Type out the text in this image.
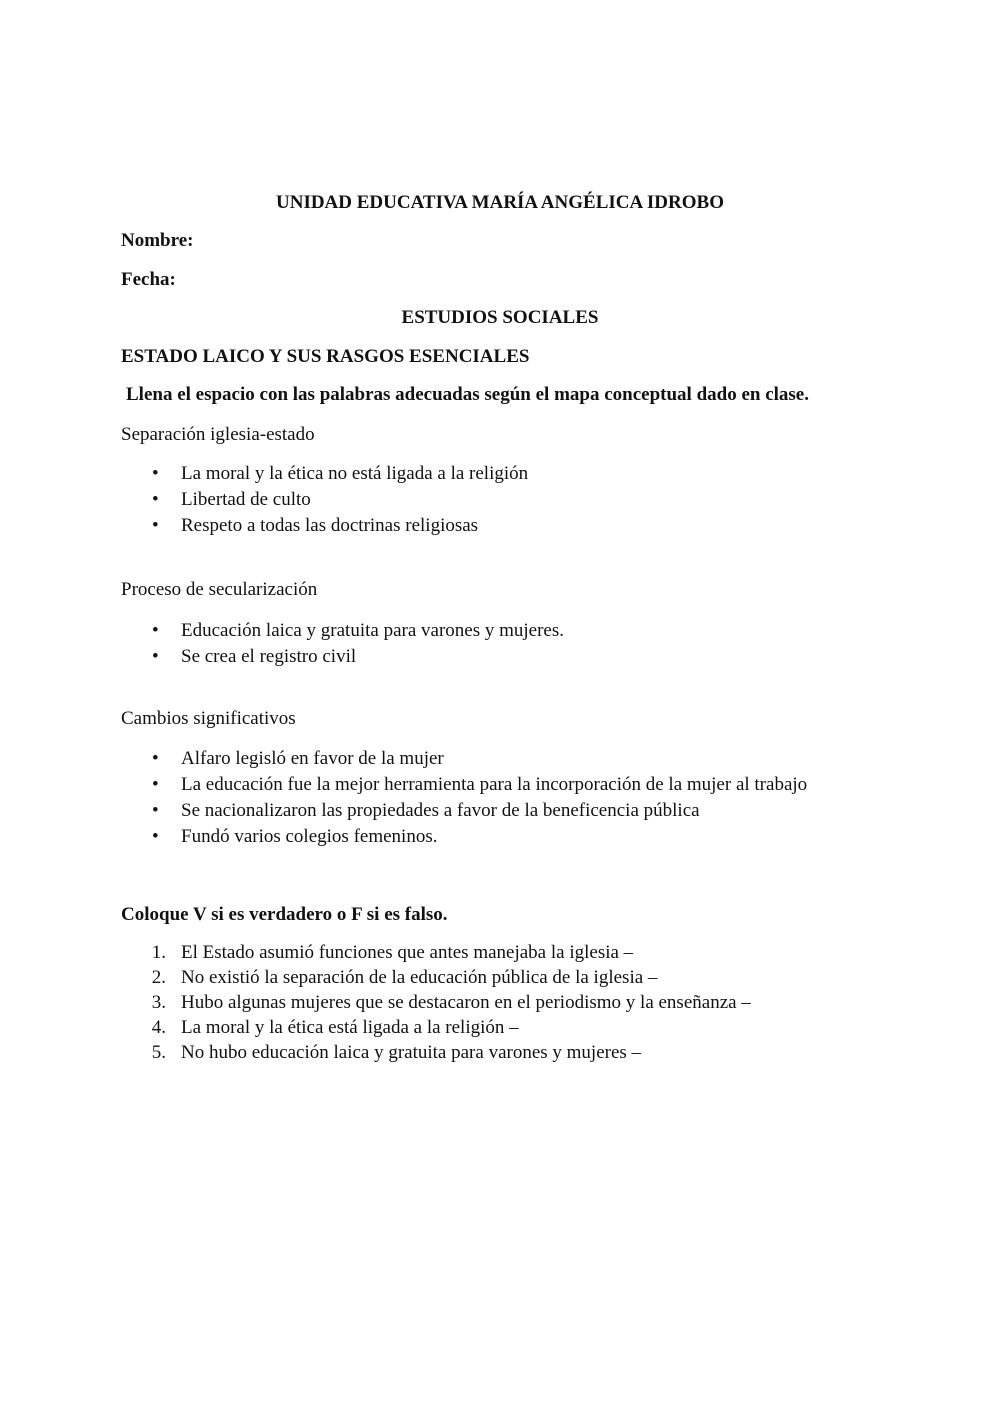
UNIDAD EDUCATIVA MARÍA ANGÉLICA IDROBO
Nombre:
Fecha:
ESTUDIOS SOCIALES
ESTADO LAICO Y SUS RASGOS ESENCIALES
Llena el espacio con las palabras adecuadas según el mapa conceptual dado en clase.
Separación iglesia-estado
• La moral y la ética no está ligada a la religión
• Libertad de culto
• Respeto a todas las doctrinas religiosas
Proceso de secularización
• Educación laica y gratuita para varones y mujeres.
• Se crea el registro civil
Cambios significativos
• Alfaro legisló en favor de la mujer
• La educación fue la mejor herramienta para la incorporación de la mujer al trabajo
• Se nacionalizaron las propiedades a favor de la beneficencia pública
• Fundó varios colegios femeninos.
Coloque V si es verdadero o F si es falso.
1. El Estado asumió funciones que antes manejaba la iglesia –
2. No existió la separación de la educación pública de la iglesia –
3. Hubo algunas mujeres que se destacaron en el periodismo y la enseñanza –
4. La moral y la ética está ligada a la religión –
5. No hubo educación laica y gratuita para varones y mujeres –
